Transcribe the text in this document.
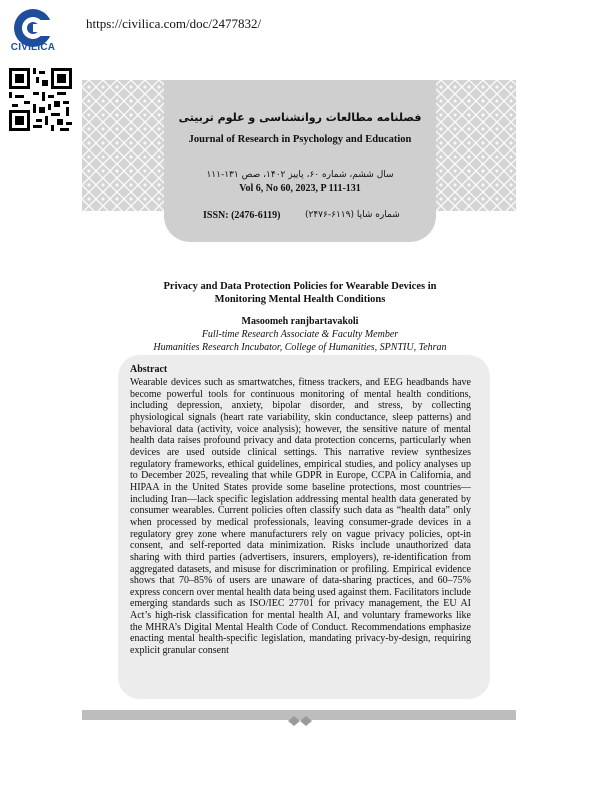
CIVILICA
https://civilica.com/doc/2477832/
فصلنامه مطالعات روانشناسی و علوم تربیتی
Journal of Research in Psychology and Education
سال ششم، شماره ۶۰، پاییز ۱۴۰۲، صص ۱۳۱-۱۱۱
Vol 6, No 60, 2023, P 111-131
ISSN: (2476-6119)	شماره شاپا (۶۱۱۹-۲۴۷۶)
Privacy and Data Protection Policies for Wearable Devices in
Monitoring Mental Health Conditions
Masoomeh ranjbartavakoli
Full-time Research Associate & Faculty Member
Humanities Research Incubator, College of Humanities, SPNTIU, Tehran
Abstract
Wearable devices such as smartwatches, fitness trackers, and EEG headbands have become powerful tools for continuous monitoring of mental health conditions, including depression, anxiety, bipolar disorder, and stress, by collecting physiological signals (heart rate variability, skin conductance, sleep patterns) and behavioral data (activity, voice analysis); however, the sensitive nature of mental health data raises profound privacy and data protection concerns, particularly when devices are used outside clinical settings. This narrative review synthesizes regulatory frameworks, ethical guidelines, empirical studies, and policy analyses up to December 2025, revealing that while GDPR in Europe, CCPA in California, and HIPAA in the United States provide some baseline protections, most countries—including Iran—lack specific legislation addressing mental health data generated by consumer wearables. Current policies often classify such data as “health data” only when processed by medical professionals, leaving consumer-grade devices in a regulatory grey zone where manufacturers rely on vague privacy policies, opt-in consent, and self-reported data minimization. Risks include unauthorized data sharing with third parties (advertisers, insurers, employers), re-identification from aggregated datasets, and misuse for discrimination or profiling. Empirical evidence shows that 70–85% of users are unaware of data-sharing practices, and 60–75% express concern over mental health data being used against them. Facilitators include emerging standards such as ISO/IEC 27701 for privacy management, the EU AI Act’s high-risk classification for mental health AI, and voluntary frameworks like the MHRA’s Digital Mental Health Code of Conduct. Recommendations emphasize enacting mental health-specific legislation, mandating privacy-by-design, requiring explicit granular consent
